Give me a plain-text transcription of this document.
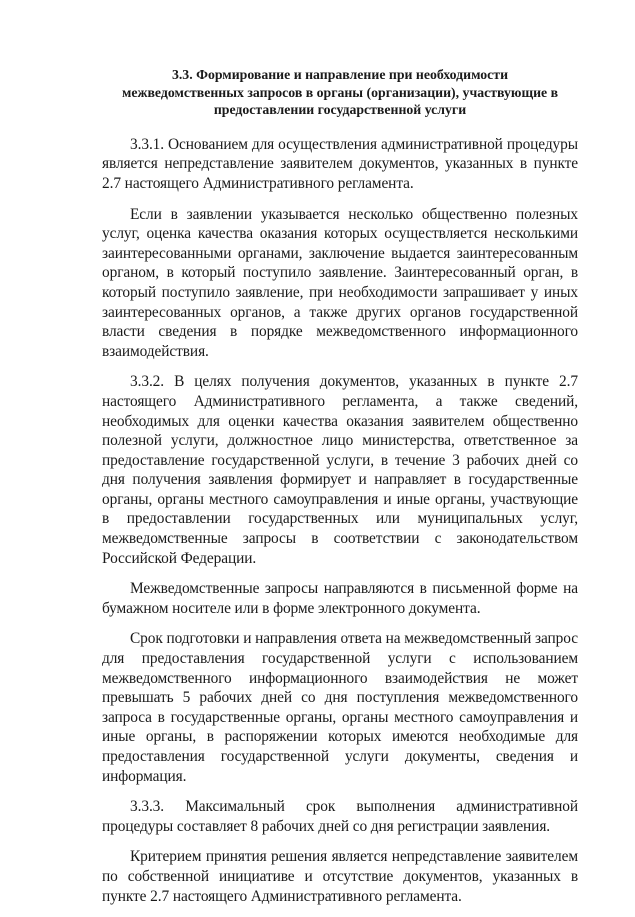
3.3. Формирование и направление при необходимости
межведомственных запросов в органы (организации), участвующие в
предоставлении государственной услуги

3.3.1. Основанием для осуществления административной процедуры является непредставление заявителем документов, указанных в пункте 2.7 настоящего Административного регламента.

Если в заявлении указывается несколько общественно полезных услуг, оценка качества оказания которых осуществляется несколькими заинтересованными органами, заключение выдается заинтересованным органом, в который поступило заявление. Заинтересованный орган, в который поступило заявление, при необходимости запрашивает у иных заинтересованных органов, а также других органов государственной власти сведения в порядке межведомственного информационного взаимодействия.

3.3.2. В целях получения документов, указанных в пункте 2.7 настоящего Административного регламента, а также сведений, необходимых для оценки качества оказания заявителем общественно полезной услуги, должностное лицо министерства, ответственное за предоставление государственной услуги, в течение 3 рабочих дней со дня получения заявления формирует и направляет в государственные органы, органы местного самоуправления и иные органы, участвующие в предоставлении государственных или муниципальных услуг, межведомственные запросы в соответствии с законодательством Российской Федерации.

Межведомственные запросы направляются в письменной форме на бумажном носителе или в форме электронного документа.

Срок подготовки и направления ответа на межведомственный запрос для предоставления государственной услуги с использованием межведомственного информационного взаимодействия не может превышать 5 рабочих дней со дня поступления межведомственного запроса в государственные органы, органы местного самоуправления и иные органы, в распоряжении которых имеются необходимые для предоставления государственной услуги документы, сведения и информация.

3.3.3. Максимальный срок выполнения административной процедуры составляет 8 рабочих дней со дня регистрации заявления.

Критерием принятия решения является непредставление заявителем по собственной инициативе и отсутствие документов, указанных в пункте 2.7 настоящего Административного регламента.
